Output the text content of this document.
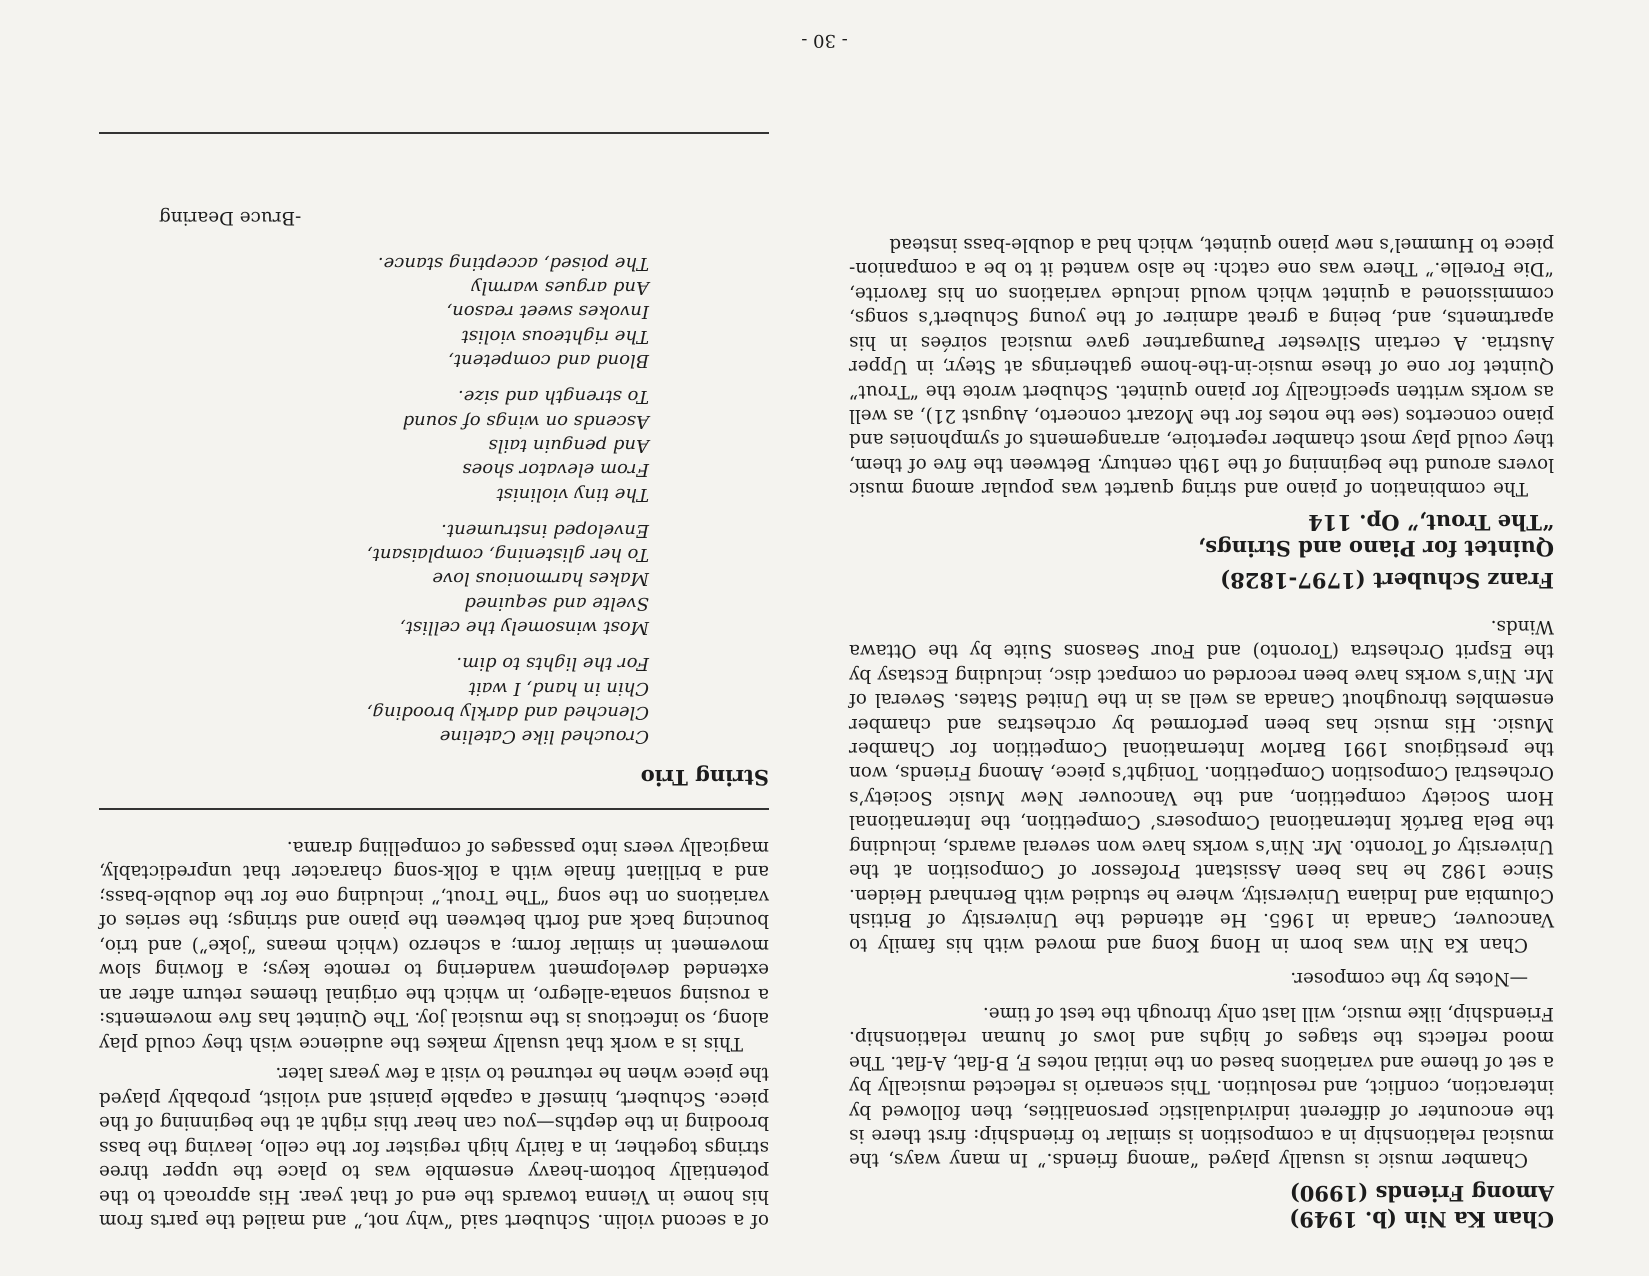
Chan Ka Nin (b. 1949)
Among Friends (1990)

Chamber music is usually played “among friends.” In many ways, the musical relationship in a composition is similar to friendship: first there is the encounter of different individualistic personalities, then followed by interaction, conflict, and resolution. This scenario is reflected musically by a set of theme and variations based on the initial notes F, B-flat, A-flat. The mood reflects the stages of highs and lows of human relationship. Friendship, like music, will last only through the test of time.

—Notes by the composer.

Chan Ka Nin was born in Hong Kong and moved with his family to Vancouver, Canada in 1965. He attended the University of British Columbia and Indiana University, where he studied with Bernhard Heiden. Since 1982 he has been Assistant Professor of Composition at the University of Toronto. Mr. Nin’s works have won several awards, including the Bela Bartók International Composers’ Competition, the International Horn Society competition, and the Vancouver New Music Society’s Orchestral Composition Competition. Tonight’s piece, Among Friends, won the prestigious 1991 Barlow International Competition for Chamber Music. His music has been performed by orchestras and chamber ensembles throughout Canada as well as in the United States. Several of Mr. Nin’s works have been recorded on compact disc, including Ecstasy by the Esprit Orchestra (Toronto) and Four Seasons Suite by the Ottawa Winds.

Franz Schubert (1797-1828)
Quintet for Piano and Strings,
“The Trout,” Op. 114

The combination of piano and string quartet was popular among music lovers around the beginning of the 19th century. Between the five of them, they could play most chamber repertoire, arrangements of symphonies and piano concertos (see the notes for the Mozart concerto, August 21), as well as works written specifically for piano quintet. Schubert wrote the “Trout” Quintet for one of these music-in-the-home gatherings at Steyr, in Upper Austria. A certain Silvester Paumgartner gave musical soirées in his apartments, and, being a great admirer of the young Schubert’s songs, commissioned a quintet which would include variations on his favorite, “Die Forelle.” There was one catch: he also wanted it to be a companion-piece to Hummel’s new piano quintet, which had a double-bass instead

of a second violin. Schubert said “why not,” and mailed the parts from his home in Vienna towards the end of that year. His approach to the potentially bottom-heavy ensemble was to place the upper three strings together, in a fairly high register for the cello, leaving the bass brooding in the depths—you can hear this right at the beginning of the piece. Schubert, himself a capable pianist and violist, probably played the piece when he returned to visit a few years later.

This is a work that usually makes the audience wish they could play along, so infectious is the musical joy. The Quintet has five movements: a rousing sonata-allegro, in which the original themes return after an extended development wandering to remote keys; a flowing slow movement in similar form; a scherzo (which means “joke”) and trio, bouncing back and forth between the piano and strings; the series of variations on the song “The Trout,” including one for the double-bass; and a brilliant finale with a folk-song character that unpredictably, magically veers into passages of compelling drama.

String Trio
Crouched like Cateline
Clenched and darkly brooding,
Chin in hand, I wait
For the lights to dim.
Most winsomely the cellist,
Svelte and sequined
Makes harmonious love
To her glistening, complaisant,
Enveloped instrument.
The tiny violinist
From elevator shoes
And penguin tails
Ascends on wings of sound
To strength and size.
Blond and competent,
The righteous violist
Invokes sweet reason,
And argues warmly
The poised, accepting stance.

-Bruce Dearing

- 30 -
